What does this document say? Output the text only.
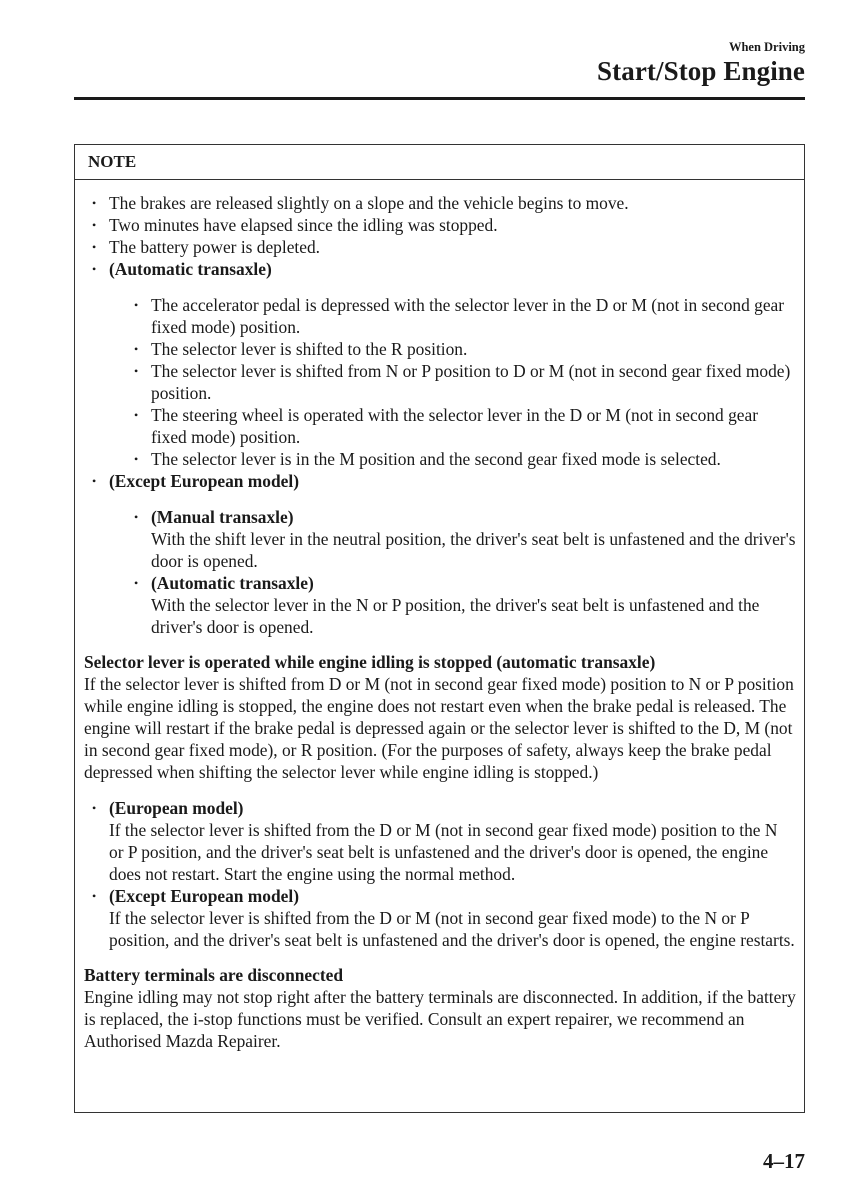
When Driving
Start/Stop Engine
NOTE
• The brakes are released slightly on a slope and the vehicle begins to move.
• Two minutes have elapsed since the idling was stopped.
• The battery power is depleted.
• (Automatic transaxle)
• The accelerator pedal is depressed with the selector lever in the D or M (not in second gear fixed mode) position.
• The selector lever is shifted to the R position.
• The selector lever is shifted from N or P position to D or M (not in second gear fixed mode) position.
• The steering wheel is operated with the selector lever in the D or M (not in second gear fixed mode) position.
• The selector lever is in the M position and the second gear fixed mode is selected.
• (Except European model)
• (Manual transaxle)
With the shift lever in the neutral position, the driver's seat belt is unfastened and the driver's door is opened.
• (Automatic transaxle)
With the selector lever in the N or P position, the driver's seat belt is unfastened and the driver's door is opened.
Selector lever is operated while engine idling is stopped (automatic transaxle)

If the selector lever is shifted from D or M (not in second gear fixed mode) position to N or P position while engine idling is stopped, the engine does not restart even when the brake pedal is released. The engine will restart if the brake pedal is depressed again or the selector lever is shifted to the D, M (not in second gear fixed mode), or R position. (For the purposes of safety, always keep the brake pedal depressed when shifting the selector lever while engine idling is stopped.)

• (European model)
If the selector lever is shifted from the D or M (not in second gear fixed mode) position to the N or P position, and the driver's seat belt is unfastened and the driver's door is opened, the engine does not restart. Start the engine using the normal method.
• (Except European model)
If the selector lever is shifted from the D or M (not in second gear fixed mode) to the N or P position, and the driver's seat belt is unfastened and the driver's door is opened, the engine restarts.
Battery terminals are disconnected

Engine idling may not stop right after the battery terminals are disconnected. In addition, if the battery is replaced, the i-stop functions must be verified. Consult an expert repairer, we recommend an Authorised Mazda Repairer.

4–17
